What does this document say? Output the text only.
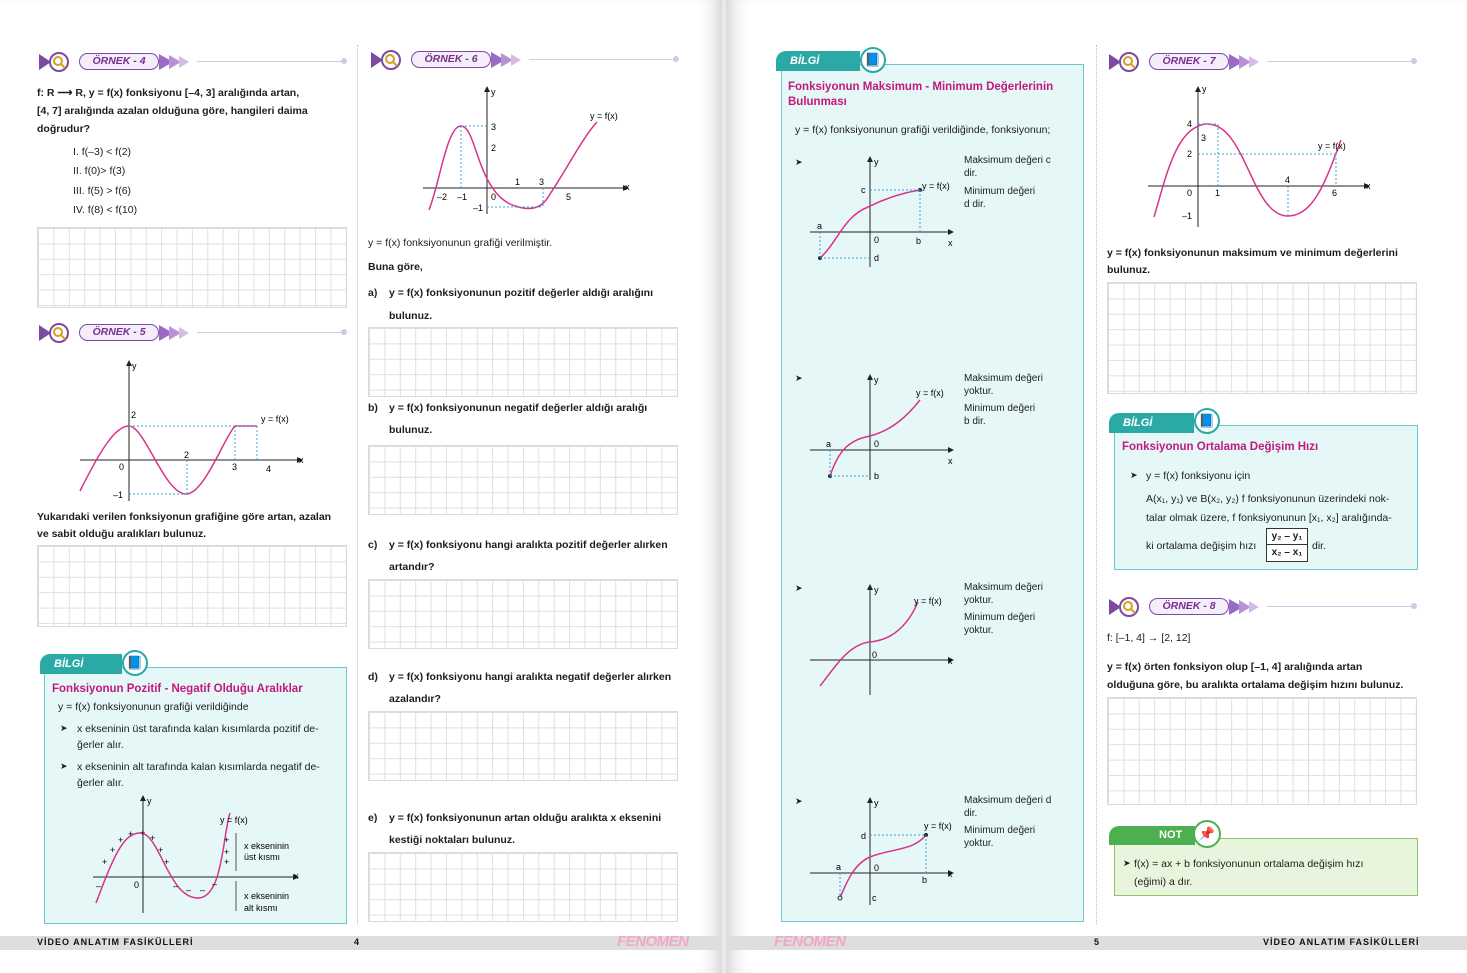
ÖRNEK - 4
f: R ⟶ R, y = f(x) fonksiyonu [–4, 3] aralığında artan,
[4, 7] aralığında azalan olduğuna göre, hangileri daima
doğrudur?
I. f(–3) < f(2)
II. f(0)> f(3)
III. f(5) > f(6)
IV. f(8) < f(10)
ÖRNEK - 5
x
y
2
0
2
3	4
–1
y = f(x)
Yukarıdaki verilen fonksiyonun grafiğine göre artan, azalan
ve sabit olduğu aralıkları bulunuz.
BİLGİ	📘
Fonksiyonun Pozitif - Negatif Olduğu Aralıklar
y = f(x) fonksiyonunun grafiği verildiğinde
➤ x ekseninin üst tarafında kalan kısımlarda pozitif de-
ğerler alır.
➤ x ekseninin alt tarafında kalan kısımlarda negatif de-
ğerler alır.
y
x
0
+
+
+
+ + +
+
+
– – –
–
–
+
+
+
y = f(x)
x ekseninin
üst kısmı
x ekseninin
alt kısmı
ÖRNEK - 6
x
y
3
2
–2 –1	0
1 3
5
–1
y = f(x)
y = f(x) fonksiyonunun grafiği verilmiştir.
Buna göre,
a) y = f(x) fonksiyonunun pozitif değerler aldığı aralığını
bulunuz.
b) y = f(x) fonksiyonunun negatif değerler aldığı aralığı
bulunuz.
c) y = f(x) fonksiyonu hangi aralıkta pozitif değerler alırken
artandır?
d) y = f(x) fonksiyonu hangi aralıkta negatif değerler alırken
azalandır?
e) y = f(x) fonksiyonunun artan olduğu aralıkta x eksenini
kestiği noktaları bulunuz.
VİDEO ANLATIM FASİKÜLLERİ	4	FENOMEN
BİLGİ	📘
Fonksiyonun Maksimum - Minimum Değerlerinin
Bulunması
y = f(x) fonksiyonunun grafiği verildiğinde, fonksiyonun;
➤	y
x
0
a
b
c
d
y = f(x)
Maksimum değeri c
dir.
Minimum değeri
d dir.
➤	y
x
0
a
b
y = f(x)
Maksimum değeri
yoktur.
Minimum değeri
b dir.
➤	y
x
0
y = f(x)
Maksimum değeri
yoktur.
Minimum değeri
yoktur.
➤	y
x
0
a
b
d
c
y = f(x)
Maksimum değeri d
dir.
Minimum değeri
yoktur.
ÖRNEK - 7
y
x
4
3
2
0	1
4
6
–1
y = f(x)
y = f(x) fonksiyonunun maksimum ve minimum değerlerini
bulunuz.
BİLGİ	📘
Fonksiyonun Ortalama Değişim Hızı
➤ y = f(x) fonksiyonu için
A(x₁, y₁) ve B(x₂, y₂) f fonksiyonunun üzerindeki nok-
talar olmak üzere, f fonksiyonunun [x₁, x₂] aralığında-
ki ortalama değişim hızı $\frac{\text{y₂ – y₁}}{\text{x₂ – x₁}}$ dir.
ÖRNEK - 8
f: [–1, 4] → [2, 12]
y = f(x) örten fonksiyon olup [–1, 4] aralığında artan
olduğuna göre, bu aralıkta ortalama değişim hızını bulunuz.
NOT	📌
➤ f(x) = ax + b fonksiyonunun ortalama değişim hızı
(eğimi) a dır.
FENOMEN	5	VİDEO ANLATIM FASİKÜLLERİ
